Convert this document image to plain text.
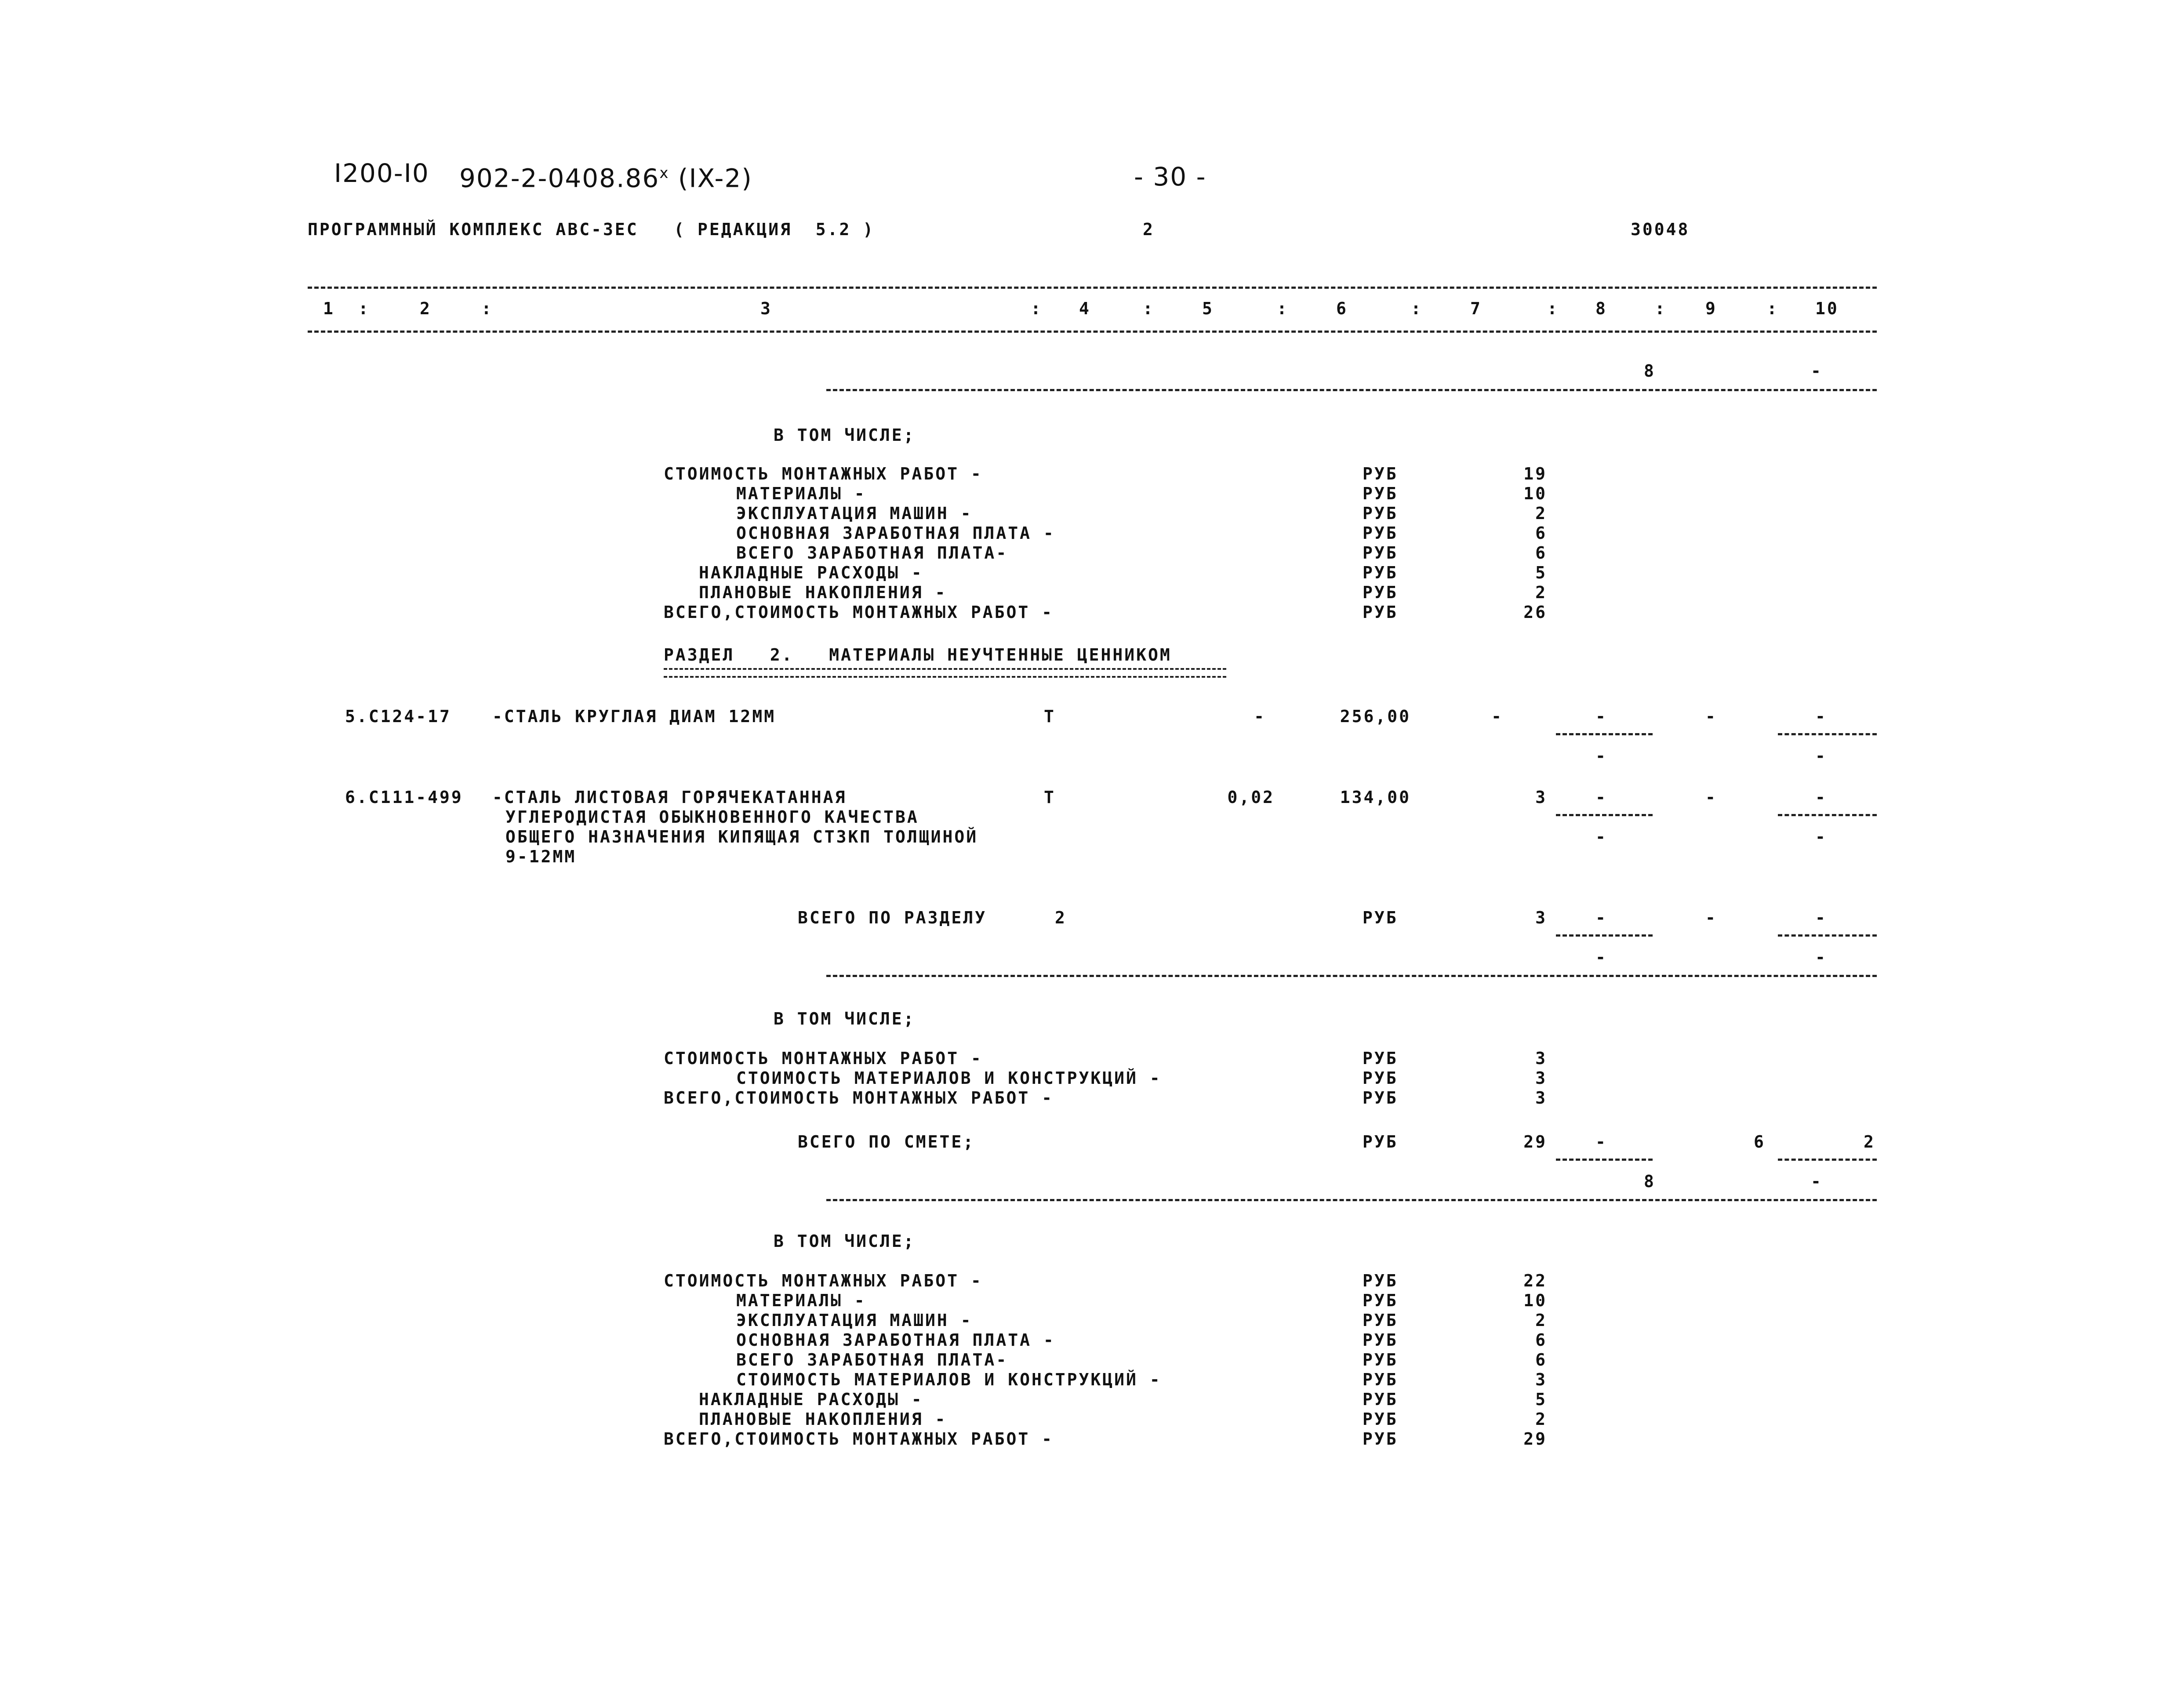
I200-I0 902-2-0408.86$^x$ (IX-2)	- 30 -
ПРОГРАММНЫЙ КОМПЛЕКС АВС-ЗЕС   ( РЕДАКЦИЯ  5.2 )	2	30048
1 :	2	:	3	: 4	:	5	:	6	:	7	: 8	: 9	: 10
8	-
В ТОМ ЧИСЛЕ;
СТОИМОСТЬ МОНТАЖНЫХ РАБОТ -	РУБ	19
МАТЕРИАЛЫ -	РУБ	10
ЭКСПЛУАТАЦИЯ МАШИН -	РУБ	2
ОСНОВНАЯ ЗАРАБОТНАЯ ПЛАТА -	РУБ	6
ВСЕГО ЗАРАБОТНАЯ ПЛАТА-	РУБ	6
НАКЛАДНЫЕ РАСХОДЫ -	РУБ	5
ПЛАНОВЫЕ НАКОПЛЕНИЯ -	РУБ	2
ВСЕГО,СТОИМОСТЬ МОНТАЖНЫХ РАБОТ -	РУБ	26
РАЗДЕЛ   2.   МАТЕРИАЛЫ НЕУЧТЕННЫЕ ЦЕННИКОМ
5.С124-17 -СТАЛЬ КРУГЛАЯ ДИАМ 12ММ	Т	-	256,00	-	-	-	-
-	-
6.С111-499 -СТАЛЬ ЛИСТОВАЯ ГОРЯЧЕКАТАННАЯ
УГЛЕРОДИСТАЯ ОБЫКНОВЕННОГО КАЧЕСТВА
ОБЩЕГО НАЗНАЧЕНИЯ КИПЯЩАЯ СТЗКП ТОЛЩИНОЙ
9-12ММ
Т	0,02	134,00	3	-	-	-
-	-
ВСЕГО ПО РАЗДЕЛУ	2	РУБ	3	-	-	-
-	-
В ТОМ ЧИСЛЕ;
СТОИМОСТЬ МОНТАЖНЫХ РАБОТ -	РУБ	3
СТОИМОСТЬ МАТЕРИАЛОВ И КОНСТРУКЦИЙ -	РУБ	3
ВСЕГО,СТОИМОСТЬ МОНТАЖНЫХ РАБОТ -	РУБ	3
ВСЕГО ПО СМЕТЕ;	РУБ	29	-	6	2
8	-
В ТОМ ЧИСЛЕ;
СТОИМОСТЬ МОНТАЖНЫХ РАБОТ -	РУБ	22
МАТЕРИАЛЫ -	РУБ	10
ЭКСПЛУАТАЦИЯ МАШИН -	РУБ	2
ОСНОВНАЯ ЗАРАБОТНАЯ ПЛАТА -	РУБ	6
ВСЕГО ЗАРАБОТНАЯ ПЛАТА-	РУБ	6
СТОИМОСТЬ МАТЕРИАЛОВ И КОНСТРУКЦИЙ -	РУБ	3
НАКЛАДНЫЕ РАСХОДЫ -	РУБ	5
ПЛАНОВЫЕ НАКОПЛЕНИЯ -	РУБ	2
ВСЕГО,СТОИМОСТЬ МОНТАЖНЫХ РАБОТ -	РУБ	29
